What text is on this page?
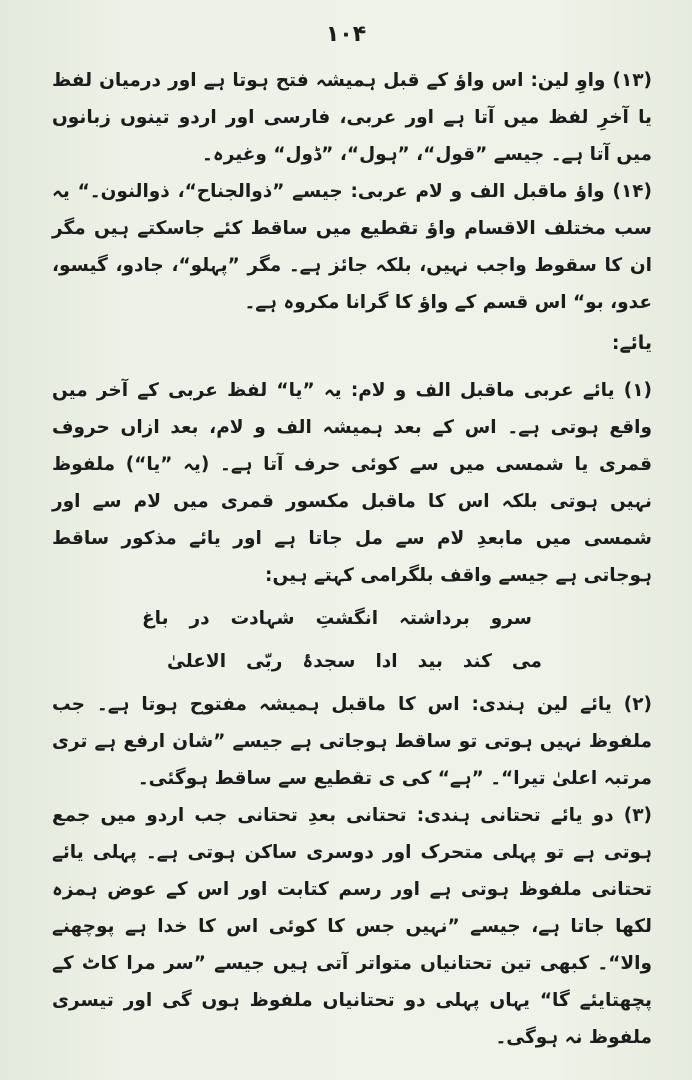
۱۰۴

(۱۳) واوِ لین: اس واؤ کے قبل ہمیشہ فتح ہوتا ہے اور درمیان لفظ یا آخرِ لفظ میں آتا ہے اور عربی، فارسی اور اردو تینوں زبانوں میں آتا ہے۔ جیسے ”قول“، ”ہول“، ”ڈول“ وغیرہ۔

(۱۴) واؤ ماقبل الف و لام عربی: جیسے ”ذوالجناح“، ذوالنون۔“ یہ سب مختلف الاقسام واؤ تقطیع میں ساقط کئے جاسکتے ہیں مگر ان کا سقوط واجب نہیں، بلکہ جائز ہے۔ مگر ”پہلو“، جادو، گیسو، عدو، بو“ اس قسم کے واؤ کا گرانا مکروہ ہے۔

یائے:

(۱) یائے عربی ماقبل الف و لام: یہ ”یا“ لفظ عربی کے آخر میں واقع ہوتی ہے۔ اس کے بعد ہمیشہ الف و لام، بعد ازاں حروف قمری یا شمسی میں سے کوئی حرف آتا ہے۔ (یہ ”یا“) ملفوظ نہیں ہوتی بلکہ اس کا ماقبل مکسور قمری میں لام سے اور شمسی میں مابعدِ لام سے مل جاتا ہے اور یائے مذکور ساقط ہوجاتی ہے جیسے واقف بلگرامی کہتے ہیں:

سرو
برداشتہ
انگشتِ
شہادت
در
باغ
می
کند
بید
ادا
سجدۂ
ربّی
الاعلیٰ

(۲) یائے لین ہندی: اس کا ماقبل ہمیشہ مفتوح ہوتا ہے۔ جب ملفوظ نہیں ہوتی تو ساقط ہوجاتی ہے جیسے ”شان ارفع ہے تری مرتبہ اعلیٰ تیرا“۔ ”ہے“ کی ی تقطیع سے ساقط ہوگئی۔

(۳) دو یائے تحتانی ہندی: تحتانی بعدِ تحتانی جب اردو میں جمع ہوتی ہے تو پہلی متحرک اور دوسری ساکن ہوتی ہے۔ پہلی یائے تحتانی ملفوظ ہوتی ہے اور رسم کتابت اور اس کے عوض ہمزہ لکھا جاتا ہے، جیسے ”نہیں جس کا کوئی اس کا خدا ہے پوچھنے والا“۔ کبھی تین تحتانیاں متواتر آتی ہیں جیسے ”سر مرا کاٹ کے پچھتایئے گا“ یہاں پہلی دو تحتانیاں ملفوظ ہوں گی اور تیسری ملفوظ نہ ہوگی۔
